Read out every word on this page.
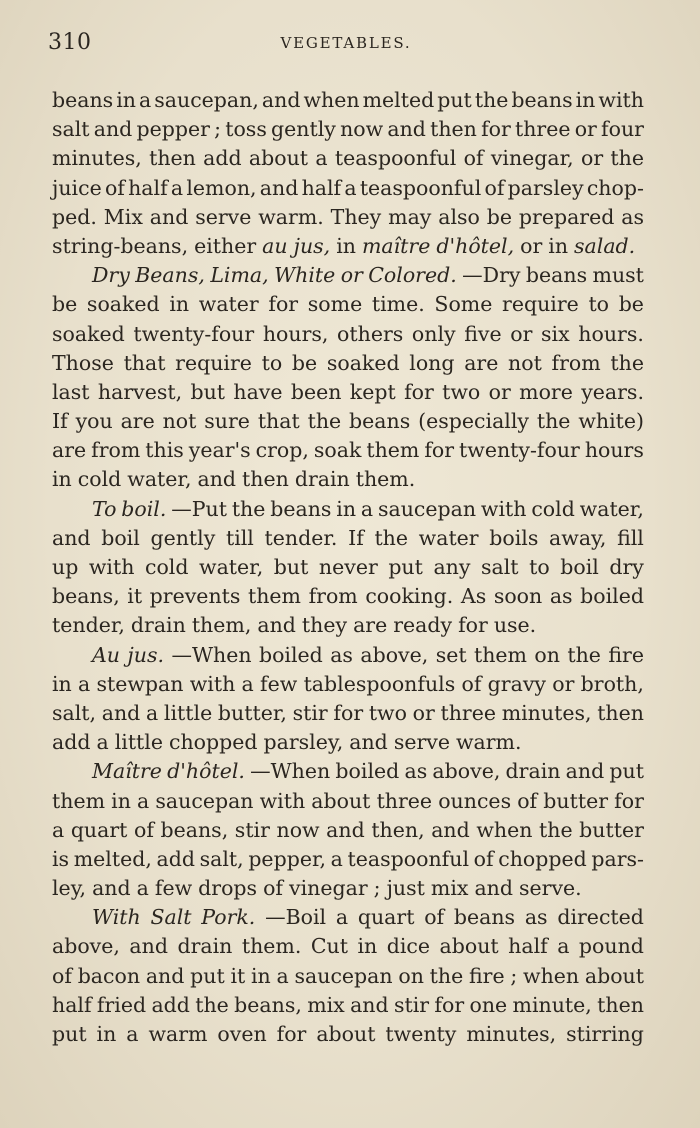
310	VEGETABLES.
beans in a saucepan, and when melted put the beans in with
salt and pepper ; toss gently now and then for three or four
minutes, then add about a teaspoonful of vinegar, or the
juice of half a lemon, and half a teaspoonful of parsley chop-
ped. Mix and serve warm. They may also be prepared as
string-beans, either au jus, in maître d'hôtel, or in salad.
Dry Beans, Lima, White or Colored. —Dry beans must
be soaked in water for some time. Some require to be
soaked twenty-four hours, others only five or six hours.
Those that require to be soaked long are not from the
last harvest, but have been kept for two or more years.
If you are not sure that the beans (especially the white)
are from this year's crop, soak them for twenty-four hours
in cold water, and then drain them.
To boil. —Put the beans in a saucepan with cold water,
and boil gently till tender. If the water boils away, fill
up with cold water, but never put any salt to boil dry
beans, it prevents them from cooking. As soon as boiled
tender, drain them, and they are ready for use.
Au jus. —When boiled as above, set them on the fire
in a stewpan with a few tablespoonfuls of gravy or broth,
salt, and a little butter, stir for two or three minutes, then
add a little chopped parsley, and serve warm.
Maître d'hôtel. —When boiled as above, drain and put
them in a saucepan with about three ounces of butter for
a quart of beans, stir now and then, and when the butter
is melted, add salt, pepper, a teaspoonful of chopped pars-
ley, and a few drops of vinegar ; just mix and serve.
With Salt Pork. —Boil a quart of beans as directed
above, and drain them. Cut in dice about half a pound
of bacon and put it in a saucepan on the fire ; when about
half fried add the beans, mix and stir for one minute, then
put in a warm oven for about twenty minutes, stirring
